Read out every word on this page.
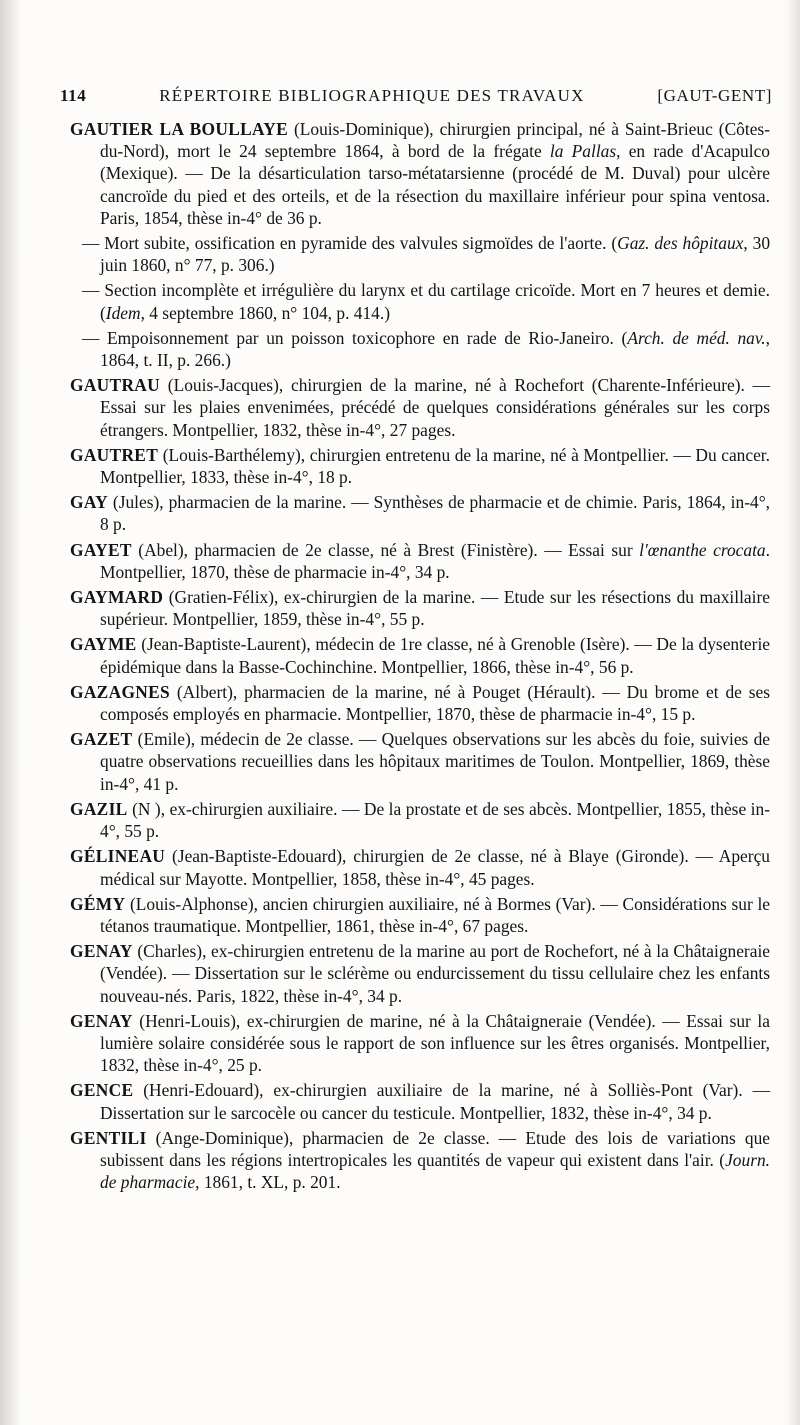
114	RÉPERTOIRE BIBLIOGRAPHIQUE DES TRAVAUX	[GAUT-GENT]

GAUTIER LA BOULLAYE (Louis-Dominique), chirurgien principal, né à Saint-Brieuc (Côtes-du-Nord), mort le 24 septembre 1864, à bord de la frégate la Pallas, en rade d'Acapulco (Mexique). — De la désarticulation tarso-métatarsienne (procédé de M. Duval) pour ulcère cancroïde du pied et des orteils, et de la résection du maxillaire inférieur pour spina ventosa. Paris, 1854, thèse in-4° de 36 p.

— Mort subite, ossification en pyramide des valvules sigmoïdes de l'aorte. (Gaz. des hôpitaux, 30 juin 1860, n° 77, p. 306.)

— Section incomplète et irrégulière du larynx et du cartilage cricoïde. Mort en 7 heures et demie. (Idem, 4 septembre 1860, n° 104, p. 414.)

— Empoisonnement par un poisson toxicophore en rade de Rio-Janeiro. (Arch. de méd. nav., 1864, t. II, p. 266.)

GAUTRAU (Louis-Jacques), chirurgien de la marine, né à Rochefort (Charente-Inférieure). — Essai sur les plaies envenimées, précédé de quelques considérations générales sur les corps étrangers. Montpellier, 1832, thèse in-4°, 27 pages.

GAUTRET (Louis-Barthélemy), chirurgien entretenu de la marine, né à Montpellier. — Du cancer. Montpellier, 1833, thèse in-4°, 18 p.

GAY (Jules), pharmacien de la marine. — Synthèses de pharmacie et de chimie. Paris, 1864, in-4°, 8 p.

GAYET (Abel), pharmacien de 2e classe, né à Brest (Finistère). — Essai sur l'œnanthe crocata. Montpellier, 1870, thèse de pharmacie in-4°, 34 p.

GAYMARD (Gratien-Félix), ex-chirurgien de la marine. — Etude sur les résections du maxillaire supérieur. Montpellier, 1859, thèse in-4°, 55 p.

GAYME (Jean-Baptiste-Laurent), médecin de 1re classe, né à Grenoble (Isère). — De la dysenterie épidémique dans la Basse-Cochinchine. Montpellier, 1866, thèse in-4°, 56 p.

GAZAGNES (Albert), pharmacien de la marine, né à Pouget (Hérault). — Du brome et de ses composés employés en pharmacie. Montpellier, 1870, thèse de pharmacie in-4°, 15 p.

GAZET (Emile), médecin de 2e classe. — Quelques observations sur les abcès du foie, suivies de quatre observations recueillies dans les hôpitaux maritimes de Toulon. Montpellier, 1869, thèse in-4°, 41 p.

GAZIL (N ), ex-chirurgien auxiliaire. — De la prostate et de ses abcès. Montpellier, 1855, thèse in-4°, 55 p.

GÉLINEAU (Jean-Baptiste-Edouard), chirurgien de 2e classe, né à Blaye (Gironde). — Aperçu médical sur Mayotte. Montpellier, 1858, thèse in-4°, 45 pages.

GÉMY (Louis-Alphonse), ancien chirurgien auxiliaire, né à Bormes (Var). — Considérations sur le tétanos traumatique. Montpellier, 1861, thèse in-4°, 67 pages.

GENAY (Charles), ex-chirurgien entretenu de la marine au port de Rochefort, né à la Châtaigneraie (Vendée). — Dissertation sur le sclérème ou endurcissement du tissu cellulaire chez les enfants nouveau-nés. Paris, 1822, thèse in-4°, 34 p.

GENAY (Henri-Louis), ex-chirurgien de marine, né à la Châtaigneraie (Vendée). — Essai sur la lumière solaire considérée sous le rapport de son influence sur les êtres organisés. Montpellier, 1832, thèse in-4°, 25 p.

GENCE (Henri-Edouard), ex-chirurgien auxiliaire de la marine, né à Solliès-Pont (Var). — Dissertation sur le sarcocèle ou cancer du testicule. Montpellier, 1832, thèse in-4°, 34 p.

GENTILI (Ange-Dominique), pharmacien de 2e classe. — Etude des lois de variations que subissent dans les régions intertropicales les quantités de vapeur qui existent dans l'air. (Journ. de pharmacie, 1861, t. XL, p. 201.
